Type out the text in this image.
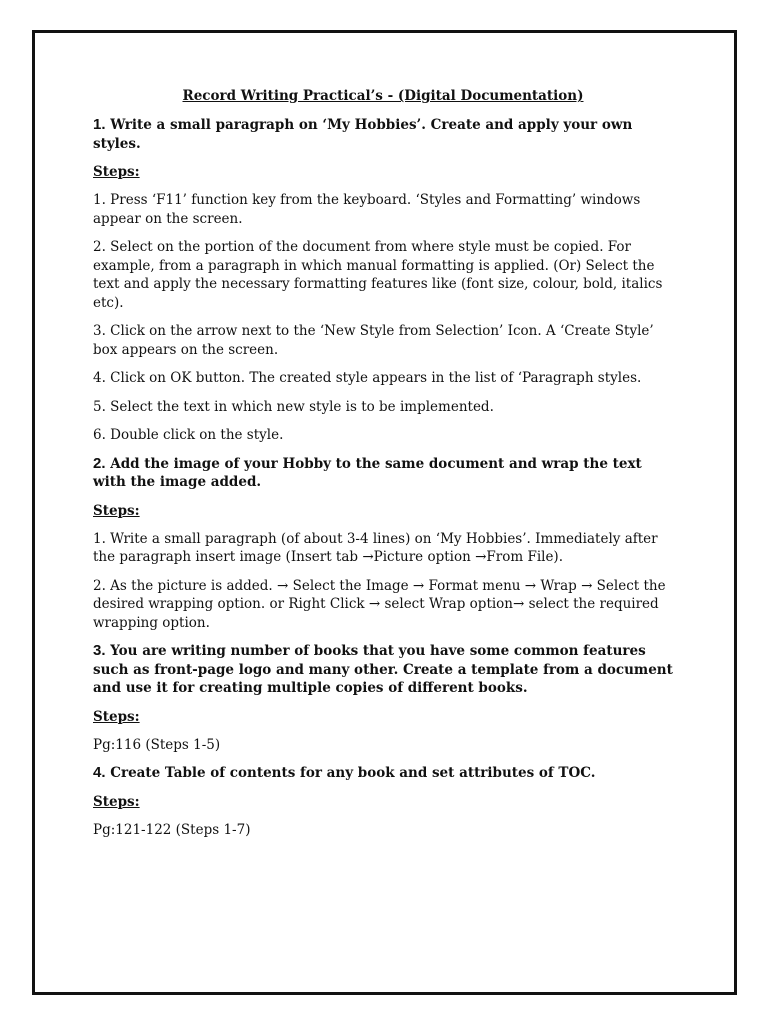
Record Writing Practical’s - (Digital Documentation)
1. Write a small paragraph on ‘My Hobbies’. Create and apply your own styles.
Steps:
1. Press ‘F11’ function key from the keyboard. ‘Styles and Formatting’ windows appear on the screen.
2. Select on the portion of the document from where style must be copied. For example, from a paragraph in which manual formatting is applied. (Or) Select the text and apply the necessary formatting features like (font size, colour, bold, italics etc).
3. Click on the arrow next to the ‘New Style from Selection’ Icon. A ‘Create Style’ box appears on the screen.
4. Click on OK button. The created style appears in the list of ‘Paragraph styles.
5. Select the text in which new style is to be implemented.
6. Double click on the style.
2. Add the image of your Hobby to the same document and wrap the text with the image added.
Steps:
1. Write a small paragraph (of about 3-4 lines) on ‘My Hobbies’. Immediately after the paragraph insert image (Insert tab →Picture option →From File).
2. As the picture is added. → Select the Image → Format menu → Wrap → Select the desired wrapping option. or Right Click → select Wrap option→ select the required wrapping option.
3. You are writing number of books that you have some common features such as front-page logo and many other. Create a template from a document and use it for creating multiple copies of different books.
Steps:
Pg:116 (Steps 1-5)
4. Create Table of contents for any book and set attributes of TOC.
Steps:
Pg:121-122 (Steps 1-7)
